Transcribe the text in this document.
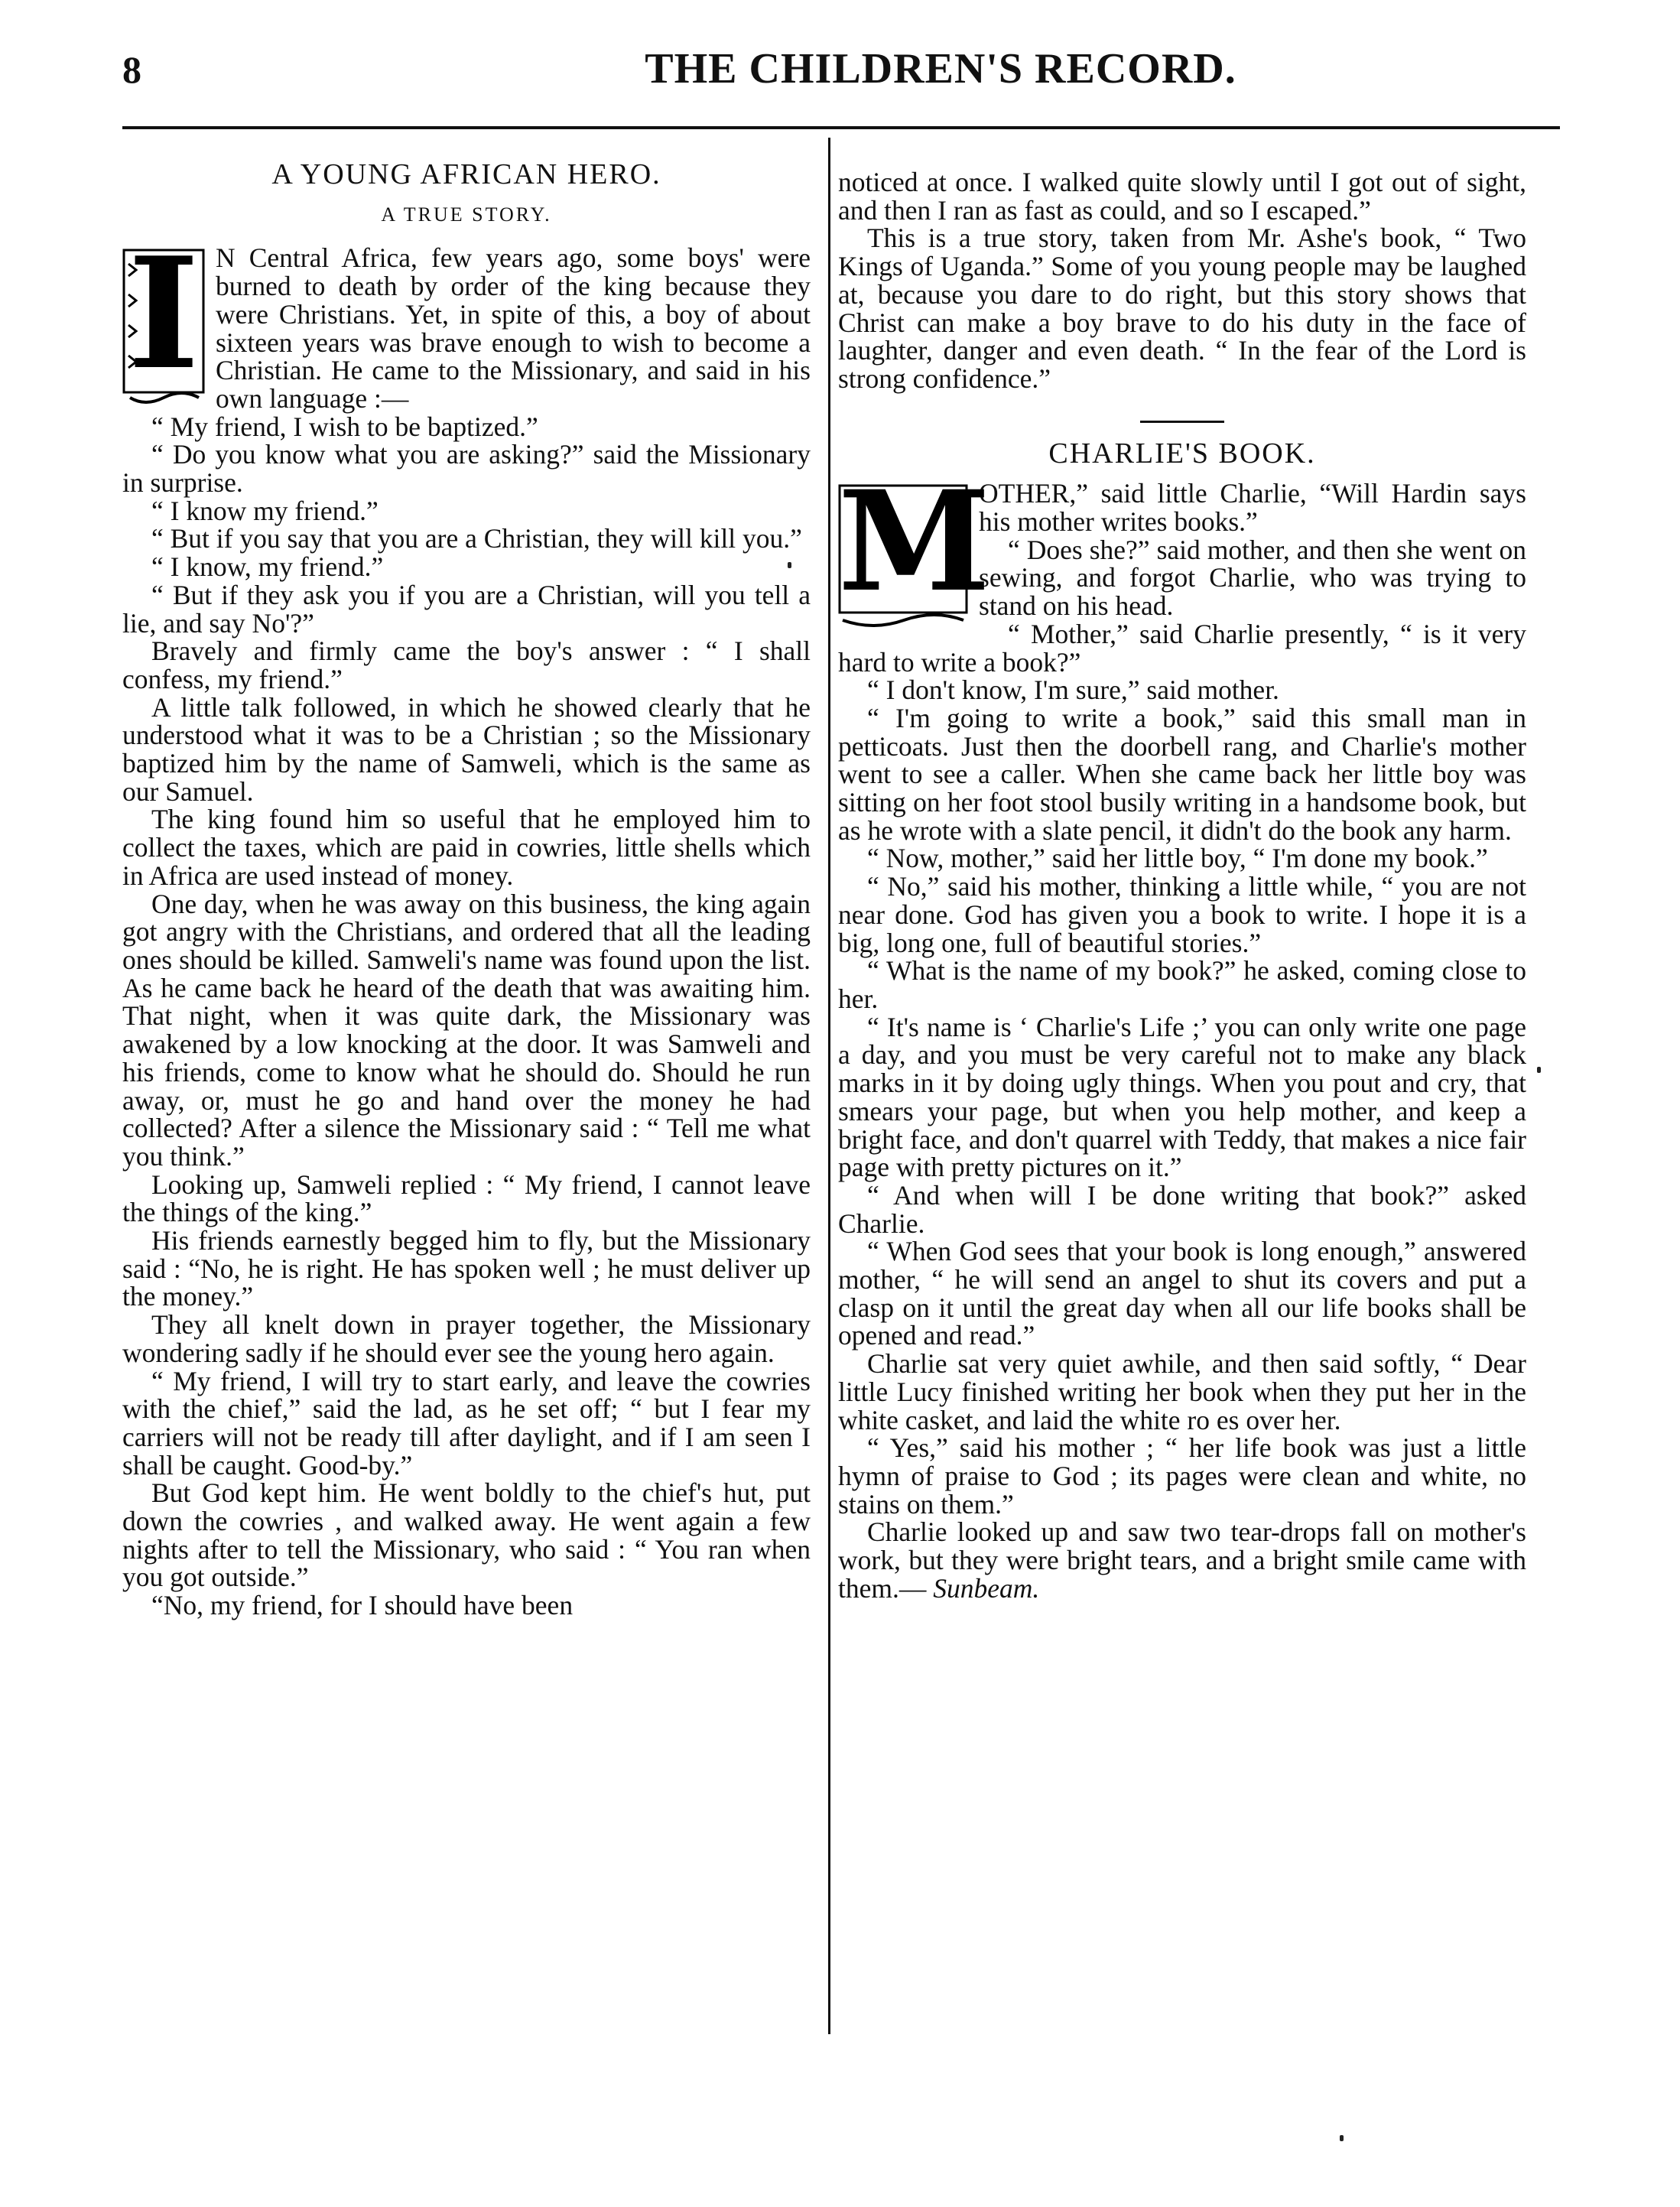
8	THE CHILDREN'S RECORD.
A YOUNG AFRICAN HERO.
A TRUE STORY.

I N Central Africa, few years ago, some boys' were burned to death by order of the king because they were Christians. Yet, in spite of this, a boy of about sixteen years was brave enough to wish to become a Christian. He came to the Missionary, and said in his own language :—

“ My friend, I wish to be baptized.”

“ Do you know what you are asking?” said the Missionary in surprise.

“ I know my friend.”

“ But if you say that you are a Christian, they will kill you.”

“ I know, my friend.”

“ But if they ask you if you are a Christian, will you tell a lie, and say No'?”

Bravely and firmly came the boy's answer : “ I shall confess, my friend.”

A little talk followed, in which he showed clearly that he understood what it was to be a Christian ; so the Missionary baptized him by the name of Samweli, which is the same as our Samuel.

The king found him so useful that he employed him to collect the taxes, which are paid in cowries, little shells which in Africa are used instead of money.

One day, when he was away on this business, the king again got angry with the Christians, and ordered that all the leading ones should be killed. Samweli's name was found upon the list. As he came back he heard of the death that was awaiting him. That night, when it was quite dark, the Missionary was awakened by a low knocking at the door. It was Samweli and his friends, come to know what he should do. Should he run away, or, must he go and hand over the money he had collected? After a silence the Missionary said : “ Tell me what you think.”

Looking up, Samweli replied : “ My friend, I cannot leave the things of the king.”

His friends earnestly begged him to fly, but the Missionary said : “No, he is right. He has spoken well ; he must deliver up the money.”

They all knelt down in prayer together, the Missionary wondering sadly if he should ever see the young hero again.

“ My friend, I will try to start early, and leave the cowries with the chief,” said the lad, as he set off; “ but I fear my carriers will not be ready till after daylight, and if I am seen I shall be caught. Good-by.”

But God kept him. He went boldly to the chief's hut, put down the cowries , and walked away. He went again a few nights after to tell the Missionary, who said : “ You ran when you got outside.”

“No, my friend, for I should have been

noticed at once. I walked quite slowly until I got out of sight, and then I ran as fast as could, and so I escaped.”

This is a true story, taken from Mr. Ashe's book, “ Two Kings of Uganda.” Some of you young people may be laughed at, because you dare to do right, but this story shows that Christ can make a boy brave to do his duty in the face of laughter, danger and even death. “ In the fear of the Lord is strong confidence.”

CHARLIE'S BOOK.

M
OTHER,” said little Charlie, “Will Hardin says his mother writes books.”

“ Does she?” said mother, and then she went on sewing, and forgot Charlie, who was trying to stand on his head.

“ Mother,” said Charlie presently, “ is it very hard to write a book?”

“ I don't know, I'm sure,” said mother.

“ I'm going to write a book,” said this small man in petticoats. Just then the doorbell rang, and Charlie's mother went to see a caller. When she came back her little boy was sitting on her foot stool busily writing in a handsome book, but as he wrote with a slate pencil, it didn't do the book any harm.

“ Now, mother,” said her little boy, “ I'm done my book.”

“ No,” said his mother, thinking a little while, “ you are not near done. God has given you a book to write. I hope it is a big, long one, full of beautiful stories.”

“ What is the name of my book?” he asked, coming close to her.

“ It's name is ‘ Charlie's Life ;’ you can only write one page a day, and you must be very careful not to make any black marks in it by doing ugly things. When you pout and cry, that smears your page, but when you help mother, and keep a bright face, and don't quarrel with Teddy, that makes a nice fair page with pretty pictures on it.”

“ And when will I be done writing that book?” asked Charlie.

“ When God sees that your book is long enough,” answered mother, “ he will send an angel to shut its covers and put a clasp on it until the great day when all our life books shall be opened and read.”

Charlie sat very quiet awhile, and then said softly, “ Dear little Lucy finished writing her book when they put her in the white casket, and laid the white ro es over her.

“ Yes,” said his mother ; “ her life book was just a little hymn of praise to God ; its pages were clean and white, no stains on them.”

Charlie looked up and saw two tear-drops fall on mother's work, but they were bright tears, and a bright smile came with them.— Sunbeam.
